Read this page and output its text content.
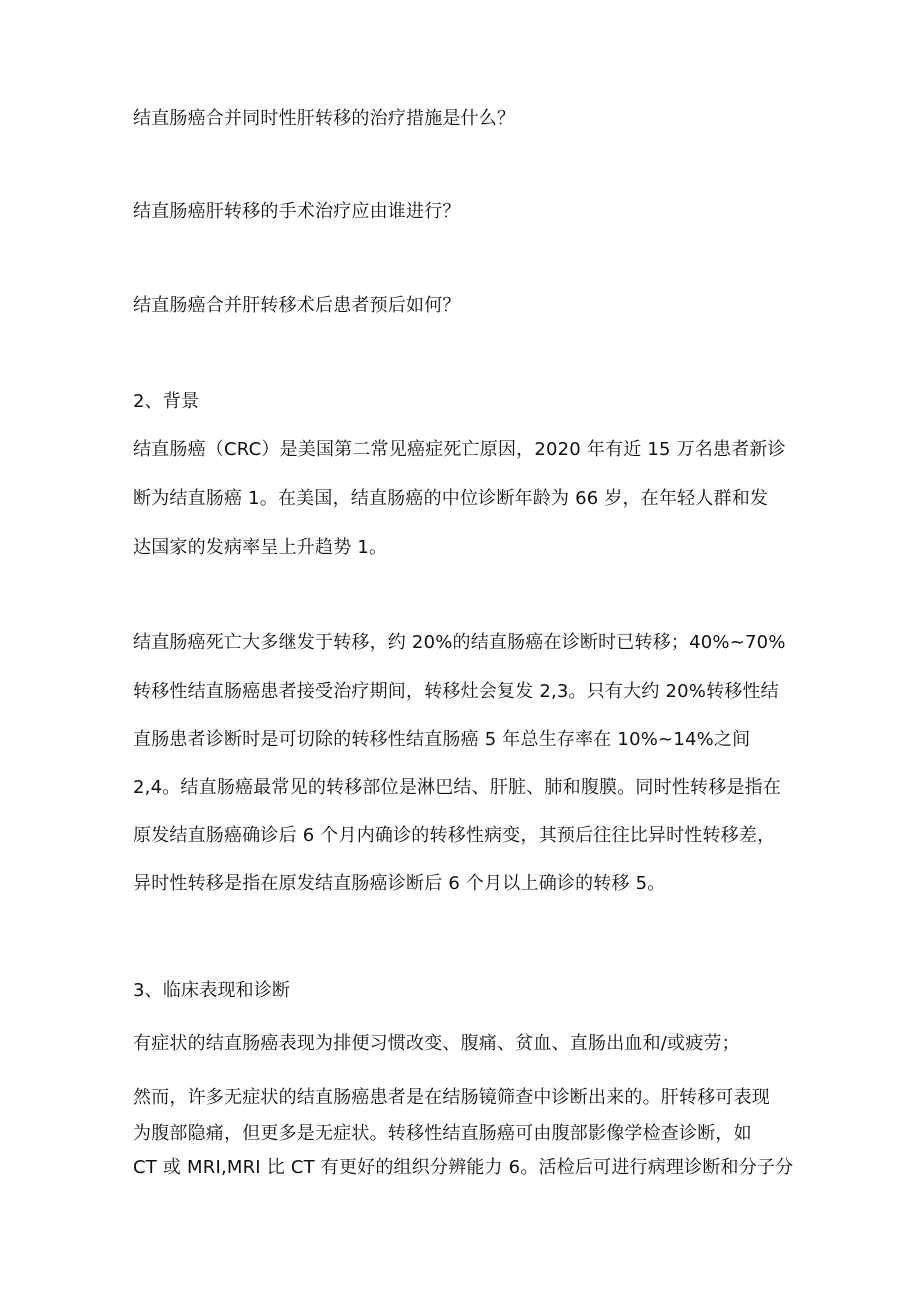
结直肠癌合并同时性肝转移的治疗措施是什么？
结直肠癌肝转移的手术治疗应由谁进行？
结直肠癌合并肝转移术后患者预后如何？
2、背景
结直肠癌（CRC）是美国第二常见癌症死亡原因，2020 年有近 15 万名患者新诊
断为结直肠癌 1。在美国，结直肠癌的中位诊断年龄为 66 岁，在年轻人群和发
达国家的发病率呈上升趋势 1。
结直肠癌死亡大多继发于转移，约 20%的结直肠癌在诊断时已转移；40%~70%
转移性结直肠癌患者接受治疗期间，转移灶会复发 2,3。只有大约 20%转移性结
直肠患者诊断时是可切除的转移性结直肠癌 5 年总生存率在 10%~14%之间
2,4。结直肠癌最常见的转移部位是淋巴结、肝脏、肺和腹膜。同时性转移是指在
原发结直肠癌确诊后 6 个月内确诊的转移性病变，其预后往往比异时性转移差，
异时性转移是指在原发结直肠癌诊断后 6 个月以上确诊的转移 5。
3、临床表现和诊断
有症状的结直肠癌表现为排便习惯改变、腹痛、贫血、直肠出血和/或疲劳；
然而，许多无症状的结直肠癌患者是在结肠镜筛查中诊断出来的。肝转移可表现
为腹部隐痛，但更多是无症状。转移性结直肠癌可由腹部影像学检查诊断，如
CT 或 MRI,MRI 比 CT 有更好的组织分辨能力 6。活检后可进行病理诊断和分子分
